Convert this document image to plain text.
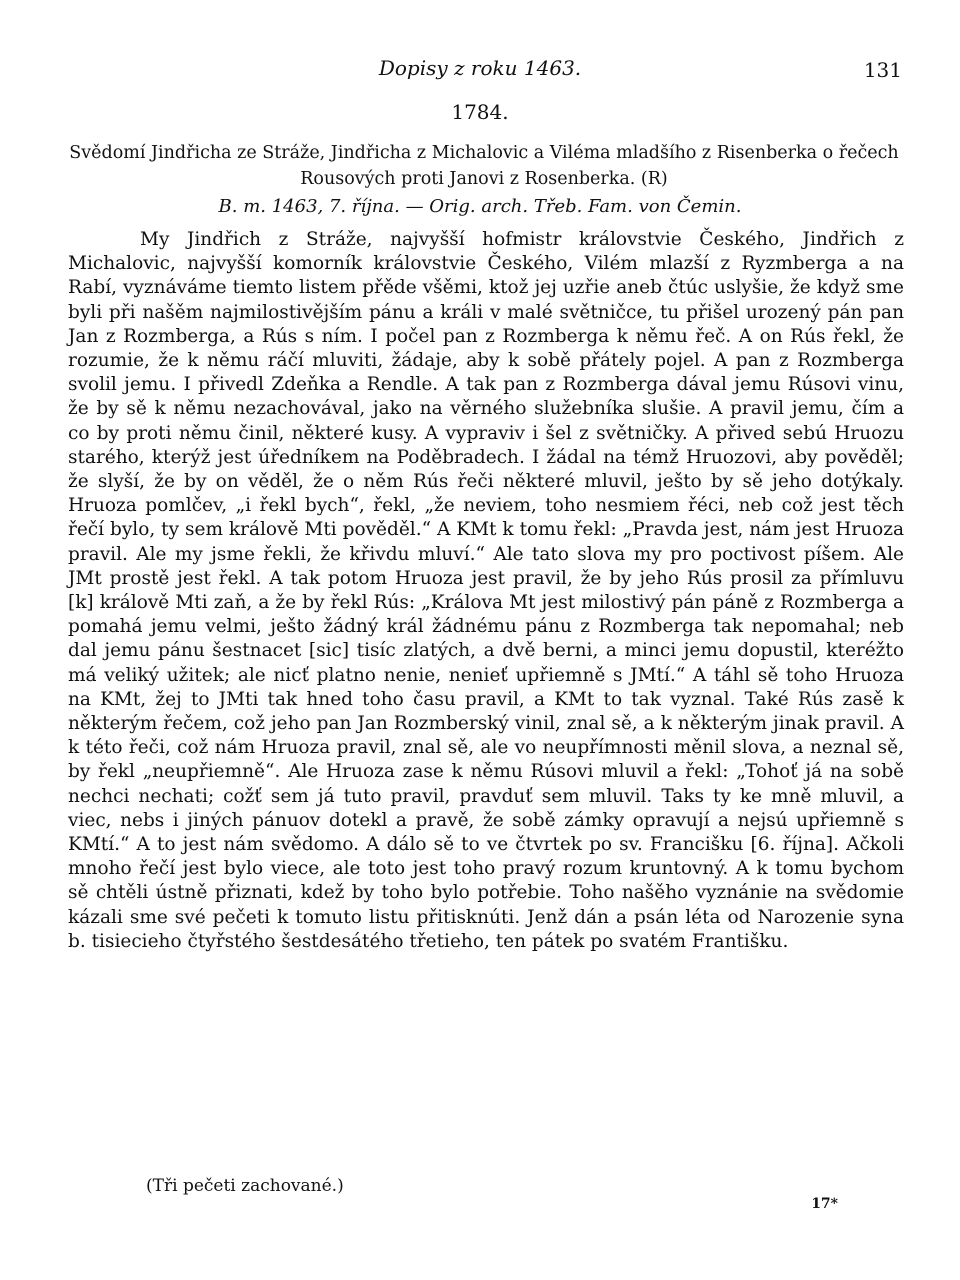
Dopisy z roku 1463.	131
1784.
Svědomí Jindřicha ze Stráže, Jindřicha z Michalovic a Viléma mladšího z Risenberka o řečech Rousových proti Janovi z Rosenberka. (R)
B. m. 1463, 7. října. — Orig. arch. Třeb. Fam. von Čemin.

My Jindřich z Stráže, najvyšší hofmistr královstvie Českého, Jindřich z Michalovic, najvyšší komorník královstvie Českého, Vilém mlazší z Ryzmberga a na Rabí, vyznáváme tiemto listem přěde všěmi, ktož jej uzřie aneb čtúc uslyšie, že když sme byli při našěm najmilostivějším pánu a králi v malé světničce, tu přišel urozený pán pan Jan z Rozmberga, a Rús s ním. I počel pan z Rozmberga k němu řeč. A on Rús řekl, že rozumie, že k němu ráčí mluviti, žádaje, aby k sobě přátely pojel. A pan z Rozmberga svolil jemu. I přivedl Zdeňka a Rendle. A tak pan z Rozmberga dával jemu Rúsovi vinu, že by sě k němu nezachovával, jako na věrného služebníka slušie. A pravil jemu, čím a co by proti němu činil, některé kusy. A vypraviv i šel z světničky. A přived sebú Hruozu starého, kterýž jest úředníkem na Poděbradech. I žádal na témž Hruozovi, aby pověděl; že slyší, že by on věděl, že o něm Rús řeči některé mluvil, ješto by sě jeho dotýkaly. Hruoza pomlčev, „i řekl bych“, řekl, „že neviem, toho nesmiem řéci, neb což jest těch řečí bylo, ty sem králově Mti pověděl.“ A KMt k tomu řekl: „Pravda jest, nám jest Hruoza pravil. Ale my jsme řekli, že křivdu mluví.“ Ale tato slova my pro poctivost píšem. Ale JMt prostě jest řekl. A tak potom Hruoza jest pravil, že by jeho Rús prosil za přímluvu [k] králově Mti zaň, a že by řekl Rús: „Králova Mt jest milostivý pán páně z Rozmberga a pomahá jemu velmi, ješto žádný král žádnému pánu z Rozmberga tak nepomahal; neb dal jemu pánu šestnacet [sic] tisíc zlatých, a dvě berni, a minci jemu dopustil, kteréžto má veliký užitek; ale nicť platno nenie, nenieť upřiemně s JMtí.“ A táhl sě toho Hruoza na KMt, žej to JMti tak hned toho času pravil, a KMt to tak vyznal. Také Rús zasě k některým řečem, což jeho pan Jan Rozmberský vinil, znal sě, a k některým jinak pravil. A k této řeči, což nám Hruoza pravil, znal sě, ale vo neupřímnosti měnil slova, a neznal sě, by řekl „neupřiemně“. Ale Hruoza zase k němu Rúsovi mluvil a řekl: „Tohoť já na sobě nechci nechati; cožť sem já tuto pravil, pravduť sem mluvil. Taks ty ke mně mluvil, a viec, nebs i jiných pánuov dotekl a pravě, že sobě zámky opravují a nejsú upřiemně s KMtí.“ A to jest nám svědomo. A dálo sě to ve čtvrtek po sv. Francišku [6. října]. Ačkoli mnoho řečí jest bylo viece, ale toto jest toho pravý rozum kruntovný. A k tomu bychom sě chtěli ústně přiznati, kdež by toho bylo potřebie. Toho našěho vyznánie na svědomie kázali sme své pečeti k tomuto listu přitisknúti. Jenž dán a psán léta od Narozenie syna b. tisiecieho čtyřstého šestdesátého třetieho, ten pátek po svatém Františku.

(Tři pečeti zachované.)
17*
